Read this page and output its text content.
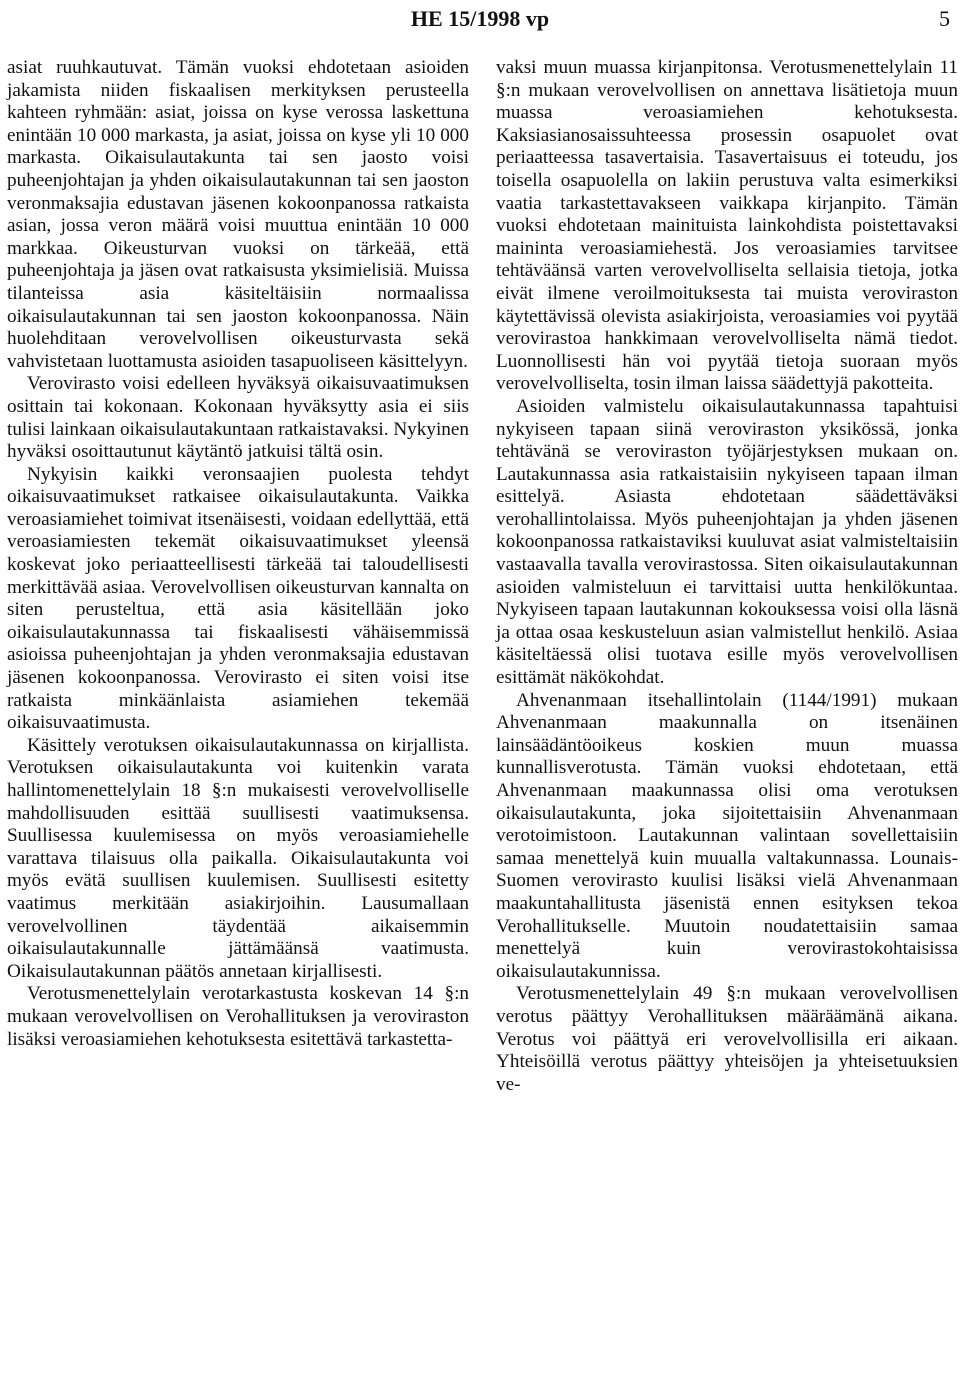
HE 15/1998 vp	5

asiat ruuhkautuvat. Tämän vuoksi ehdotetaan asioiden jakamista niiden fiskaalisen merkityksen perusteella kahteen ryhmään: asiat, joissa on kyse verossa laskettuna enintään 10 000 markasta, ja asiat, joissa on kyse yli 10 000 markasta. Oikaisulautakunta tai sen jaosto voisi puheenjohtajan ja yhden oikaisulautakunnan tai sen jaoston veronmaksajia edustavan jäsenen kokoonpanossa ratkaista asian, jossa veron määrä voisi muuttua enintään 10 000 markkaa. Oikeusturvan vuoksi on tärkeää, että puheenjohtaja ja jäsen ovat ratkaisusta yksimielisiä. Muissa tilanteissa asia käsiteltäisiin normaalissa oikaisulautakunnan tai sen jaoston kokoonpanossa. Näin huolehditaan verovelvollisen oikeusturvasta sekä vahvistetaan luottamusta asioiden tasapuoliseen käsittelyyn.

Verovirasto voisi edelleen hyväksyä oikaisuvaatimuksen osittain tai kokonaan. Kokonaan hyväksytty asia ei siis tulisi lainkaan oikaisulautakuntaan ratkaistavaksi. Nykyinen hyväksi osoittautunut käytäntö jatkuisi tältä osin.

Nykyisin kaikki veronsaajien puolesta tehdyt oikaisuvaatimukset ratkaisee oikaisulautakunta. Vaikka veroasiamiehet toimivat itsenäisesti, voidaan edellyttää, että veroasiamiesten tekemät oikaisuvaatimukset yleensä koskevat joko periaatteellisesti tärkeää tai taloudellisesti merkittävää asiaa. Verovelvollisen oikeusturvan kannalta on siten perusteltua, että asia käsitellään joko oikaisulautakunnassa tai fiskaalisesti vähäisemmissä asioissa puheenjohtajan ja yhden veronmaksajia edustavan jäsenen kokoonpanossa. Verovirasto ei siten voisi itse ratkaista minkäänlaista asiamiehen tekemää oikaisuvaatimusta.

Käsittely verotuksen oikaisulautakunnassa on kirjallista. Verotuksen oikaisulautakunta voi kuitenkin varata hallintomenettelylain 18 §:n mukaisesti verovelvolliselle mahdollisuuden esittää suullisesti vaatimuksensa. Suullisessa kuulemisessa on myös veroasiamiehelle varattava tilaisuus olla paikalla. Oikaisulautakunta voi myös evätä suullisen kuulemisen. Suullisesti esitetty vaatimus merkitään asiakirjoihin. Lausumallaan verovelvollinen täydentää aikaisemmin oikaisulautakunnalle jättämäänsä vaatimusta. Oikaisulautakunnan päätös annetaan kirjallisesti.

Verotusmenettelylain verotarkastusta koskevan 14 §:n mukaan verovelvollisen on Verohallituksen ja veroviraston lisäksi veroasiamiehen kehotuksesta esitettävä tarkastetta-

vaksi muun muassa kirjanpitonsa. Verotusmenettelylain 11 §:n mukaan verovelvollisen on annettava lisätietoja muun muassa veroasiamiehen kehotuksesta. Kaksiasianosaissuhteessa prosessin osapuolet ovat periaatteessa tasavertaisia. Tasavertaisuus ei toteudu, jos toisella osapuolella on lakiin perustuva valta esimerkiksi vaatia tarkastettavakseen vaikkapa kirjanpito. Tämän vuoksi ehdotetaan mainituista lainkohdista poistettavaksi maininta veroasiamiehestä. Jos veroasiamies tarvitsee tehtäväänsä varten verovelvolliselta sellaisia tietoja, jotka eivät ilmene veroilmoituksesta tai muista veroviraston käytettävissä olevista asiakirjoista, veroasiamies voi pyytää verovirastoa hankkimaan verovelvolliselta nämä tiedot. Luonnollisesti hän voi pyytää tietoja suoraan myös verovelvolliselta, tosin ilman laissa säädettyjä pakotteita.

Asioiden valmistelu oikaisulautakunnassa tapahtuisi nykyiseen tapaan siinä veroviraston yksikössä, jonka tehtävänä se veroviraston työjärjestyksen mukaan on. Lautakunnassa asia ratkaistaisiin nykyiseen tapaan ilman esittelyä. Asiasta ehdotetaan säädettäväksi verohallintolaissa. Myös puheenjohtajan ja yhden jäsenen kokoonpanossa ratkaistaviksi kuuluvat asiat valmisteltaisiin vastaavalla tavalla verovirastossa. Siten oikaisulautakunnan asioiden valmisteluun ei tarvittaisi uutta henkilökuntaa. Nykyiseen tapaan lautakunnan kokouksessa voisi olla läsnä ja ottaa osaa keskusteluun asian valmistellut henkilö. Asiaa käsiteltäessä olisi tuotava esille myös verovelvollisen esittämät näkökohdat.

Ahvenanmaan itsehallintolain (1144/1991) mukaan Ahvenanmaan maakunnalla on itsenäinen lainsäädäntöoikeus koskien muun muassa kunnallisverotusta. Tämän vuoksi ehdotetaan, että Ahvenanmaan maakunnassa olisi oma verotuksen oikaisulautakunta, joka sijoitettaisiin Ahvenanmaan verotoimistoon. Lautakunnan valintaan sovellettaisiin samaa menettelyä kuin muualla valtakunnassa. Lounais-Suomen verovirasto kuulisi lisäksi vielä Ahvenanmaan maakuntahallitusta jäsenistä ennen esityksen tekoa Verohallitukselle. Muutoin noudatettaisiin samaa menettelyä kuin verovirastokohtaisissa oikaisulautakunnissa.

Verotusmenettelylain 49 §:n mukaan verovelvollisen verotus päättyy Verohallituksen määräämänä aikana. Verotus voi päättyä eri verovelvollisilla eri aikaan. Yhteisöillä verotus päättyy yhteisöjen ja yhteisetuuksien ve-
